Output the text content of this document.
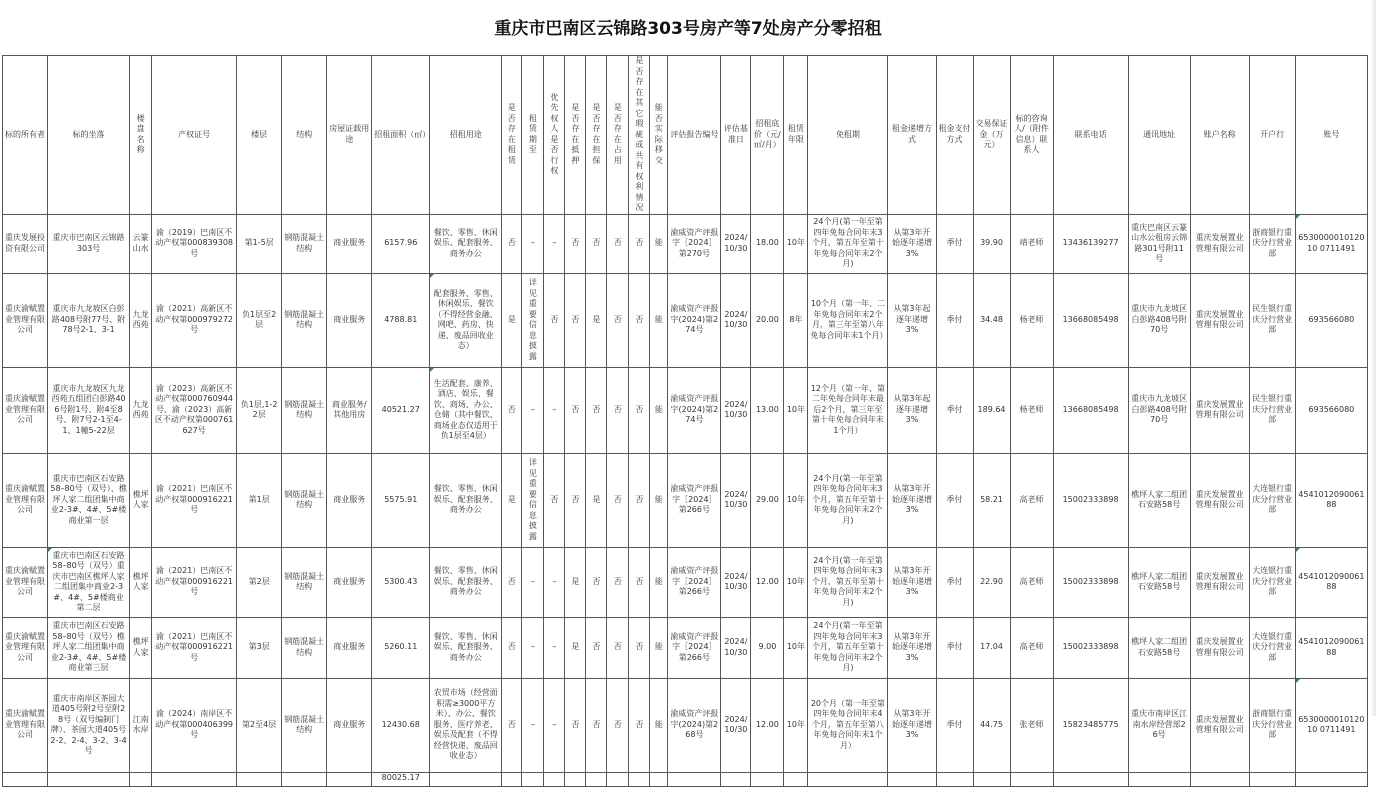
重庆市巴南区云锦路303号房产等7处房产分零招租
标的所有者	标的坐落	楼盘名称	产权证号	楼层	结构	房屋证载用途	招租面积（㎡）	招租用途	是否存在租赁	租赁期至	优先权人是否行权	是否存在抵押	是否存在担保	是否存在占用	是否存在其它瑕疵或共有权利情况	能否实际移交	评估报告编号	评估基准日	招租底价（元/㎡/月）	租赁年限	免租期	租金递增方式	租金支付方式	交易保证金（万元）	标的咨询人/（附件信息）联系人	联系电话	通讯地址	账户名称	开户行	账号
重庆发展投资有限公司	重庆市巴南区云锦路303号	云篆山水	渝（2019）巴南区不动产权第000839308号	第1-5层	钢筋混凝土结构	商业服务	6157.96	餐饮、零售、休闲娱乐、配套服务、商务办公	否	–	–	否	否	否	否	能	渝威资产评报字［2024］第270号	2024/10/30	18.00	10年	24个月(第一年至第四年免每合同年末3个月，第五年至第十年免每合同年末2个月)	从第3年开始逐年递增3%	季付	39.90	靖老师	13436139277	重庆巴南区云篆山水公租房云锦路301号附11号	重庆发展置业管理有限公司	浙商银行重庆分行营业部	653000001012010 0711491
重庆渝赋置业管理有限公司	重庆市九龙坡区白彭路408号附77号、附78号2-1、3-1	九龙西苑	渝（2021）高新区不动产权第000979272号	负1层至2层	钢筋混凝土结构	商业服务	4788.81	配套服务、零售、休闲娱乐、餐饮（不得经营金融、网吧、药房、快递、废品回收业态）	是	详见重要信息披露	否	否	是	否	否	能	渝威资产评报字(2024)第274号	2024/10/30	20.00	8年	10个月（第一年、二年免每合同年末2个月，第三年至第八年免每合同年末1个月）	从第3年起逐年递增3%	季付	34.48	杨老师	13668085498	重庆市九龙坡区白彭路408号附70号	重庆发展置业管理有限公司	民生银行重庆分行营业部	693566080
重庆渝赋置业管理有限公司	重庆市九龙坡区九龙西苑五组团白彭路406号附1号、附4至8号、附7号2-1至4-1、1幢5-22层	九龙西苑	渝（2023）高新区不动产权第000760944号、渝（2023）高新区不动产权第000761627号	负1层,1-22层	钢筋混凝土结构	商业服务/其他用房	40521.27	生活配套、康养、酒店、娱乐、餐饮、商场、办公、仓储（其中餐饮、商场业态仅适用于负1层至4层）	否	–	–	否	否	否	否	能	渝威资产评报字(2024)第274号	2024/10/30	13.00	10年	12个月（第一年、第二年免每合同年末最后2个月，第三年至第十年免每合同年末1个月）	从第3年起逐年递增3%	季付	189.64	杨老师	13668085498	重庆市九龙坡区白彭路408号附70号	重庆发展置业管理有限公司	民生银行重庆分行营业部	693566080
重庆渝赋置业管理有限公司	重庆市巴南区石安路58–80号（双号）、樵坪人家二组团集中商业2-3#、4#、5#楼商业第一层	樵坪人家	渝（2021）巴南区不动产权第000916221号	第1层	钢筋混凝土结构	商业服务	5575.91	餐饮、零售、休闲娱乐、配套服务、商务办公	是	详见重要信息披露	否	否	是	否	否	能	渝威资产评报字［2024］第266号	2024/10/30	29.00	10年	24个月(第一年至第四年免每合同年末3个月，第五年至第十年免每合同年末2个月)	从第3年开始逐年递增3%	季付	58.21	高老师	15002333898	樵坪人家二组团石安路58号	重庆发展置业管理有限公司	大连银行重庆分行营业部	454101209006188
重庆渝赋置业管理有限公司	重庆市巴南区石安路58–80号（双号）重庆市巴南区樵坪人家二组团集中商业2-3#、4#、5#楼商业第二层	樵坪人家	渝（2021）巴南区不动产权第000916221号	第2层	钢筋混凝土结构	商业服务	5300.43	餐饮、零售、休闲娱乐、配套服务、商务办公	否	–	–	是	否	否	否	能	渝威资产评报字［2024］第266号	2024/10/30	12.00	10年	24个月(第一年至第四年免每合同年末3个月，第五年至第十年免每合同年末2个月)	从第3年开始逐年递增3%	季付	22.90	高老师	15002333898	樵坪人家二组团石安路58号	重庆发展置业管理有限公司	大连银行重庆分行营业部	454101209006188
重庆渝赋置业管理有限公司	重庆市巴南区石安路58–80号（双号）樵坪人家二组团集中商业2-3#、4#、5#楼商业第三层	樵坪人家	渝（2021）巴南区不动产权第000916221号	第3层	钢筋混凝土结构	商业服务	5260.11	餐饮、零售、休闲娱乐、配套服务、商务办公	否	–	–	是	否	否	否	能	渝威资产评报字［2024］第266号	2024/10/30	9.00	10年	24个月(第一年至第四年免每合同年末3个月，第五年至第十年免每合同年末2个月)	从第3年开始逐年递增3%	季付	17.04	高老师	15002333898	樵坪人家二组团石安路58号	重庆发展置业管理有限公司	大连银行重庆分行营业部	454101209006188
重庆渝赋置业管理有限公司	重庆市南岸区茶园大道405号附2号至附28号（双号编制门牌）、茶园大道405号2-2、2-4、3-2、3-4号	江南水岸	渝（2024）南岸区不动产权第000406399号	第2至4层	钢筋混凝土结构	商业服务	12430.68	农贸市场（经营面积需≥3000平方米）、办公、餐饮服务、医疗养老、娱乐及配套（不得经营快递、废品回收业态）	否	–	–	否	否	否	否	能	渝威资产评报字(2024)第268号	2024/10/30	12.00	10年	20个月（第一年至第四年免每合同年末4个月，第五年至第八年免每合同年末1个月）	从第3年开始逐年递增3%	季付	44.75	张老师	15823485775	重庆市南岸区江南水岸经营部26号	重庆发展置业管理有限公司	浙商银行重庆分行营业部	653000001012010 0711491
							80025.17																							
